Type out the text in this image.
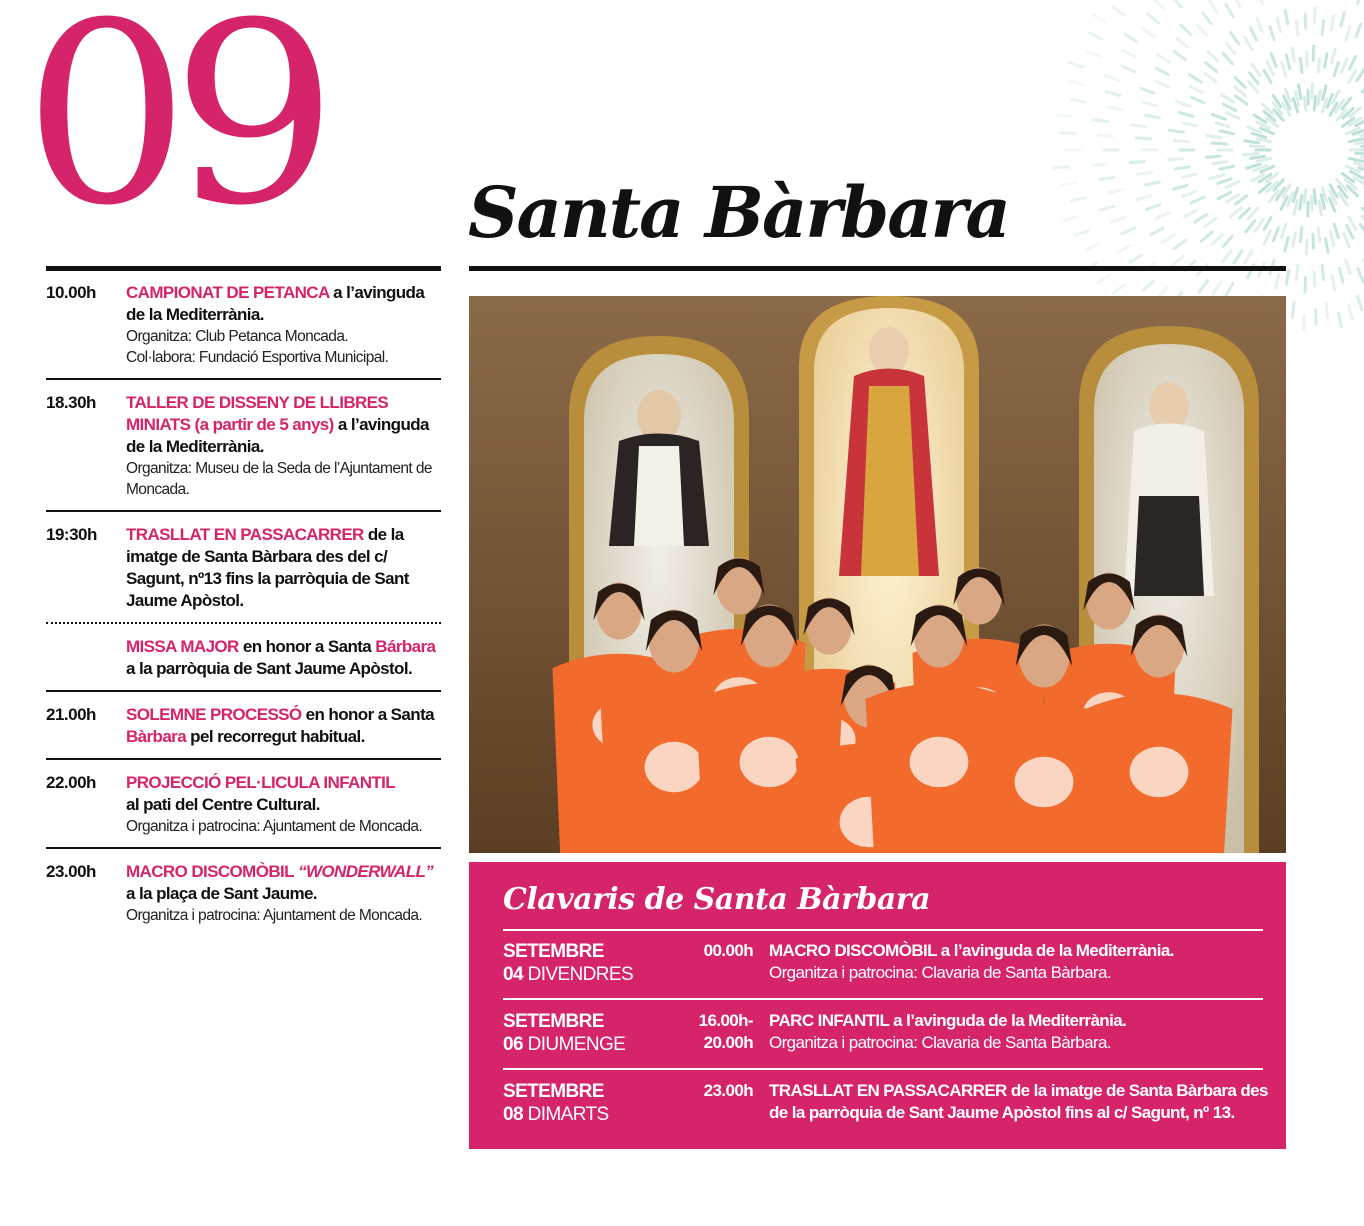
09 Santa Bàrbara
10.00h	CAMPIONAT DE PETANCA a l’avinguda de la Mediterrània.
Organitza: Club Petanca Moncada.
Col·labora: Fundació Esportiva Municipal.
18.30h	TALLER DE DISSENY DE LLIBRES MINIATS (a partir de 5 anys) a l’avinguda de la Mediterrània.
Organitza: Museu de la Seda de l’Ajuntament de Moncada.
19:30h	TRASLLAT EN PASSACARRER de la imatge de Santa Bàrbara des del c/ Sagunt, nº13 fins la parròquia de Sant Jaume Apòstol.
MISSA MAJOR en honor a Santa Bárbara a la parròquia de Sant Jaume Apòstol.
21.00h	SOLEMNE PROCESSÓ en honor a Santa Bàrbara pel recorregut habitual.
22.00h	PROJECCIÓ PEL·LICULA INFANTIL
al pati del Centre Cultural.
Organitza i patrocina: Ajuntament de Moncada.
23.00h	MACRO DISCOMÒBIL “WONDERWALL”
a la plaça de Sant Jaume.
Organitza i patrocina: Ajuntament de Moncada.	Clavaris de Santa Bàrbara
SETEMBRE
04 DIVENDRES
00.00h MACRO DISCOMÒBIL a l’avinguda de la Mediterrània.
Organitza i patrocina: Clavaria de Santa Bàrbara.
SETEMBRE
06 DIUMENGE
16.00h-
20.00h
PARC INFANTIL a l’avinguda de la Mediterrània.
Organitza i patrocina: Clavaria de Santa Bàrbara.
SETEMBRE
08 DIMARTS
23.00h TRASLLAT EN PASSACARRER de la imatge de Santa Bàrbara des de la parròquia de Sant Jaume Apòstol fins al c/ Sagunt, nº 13.
